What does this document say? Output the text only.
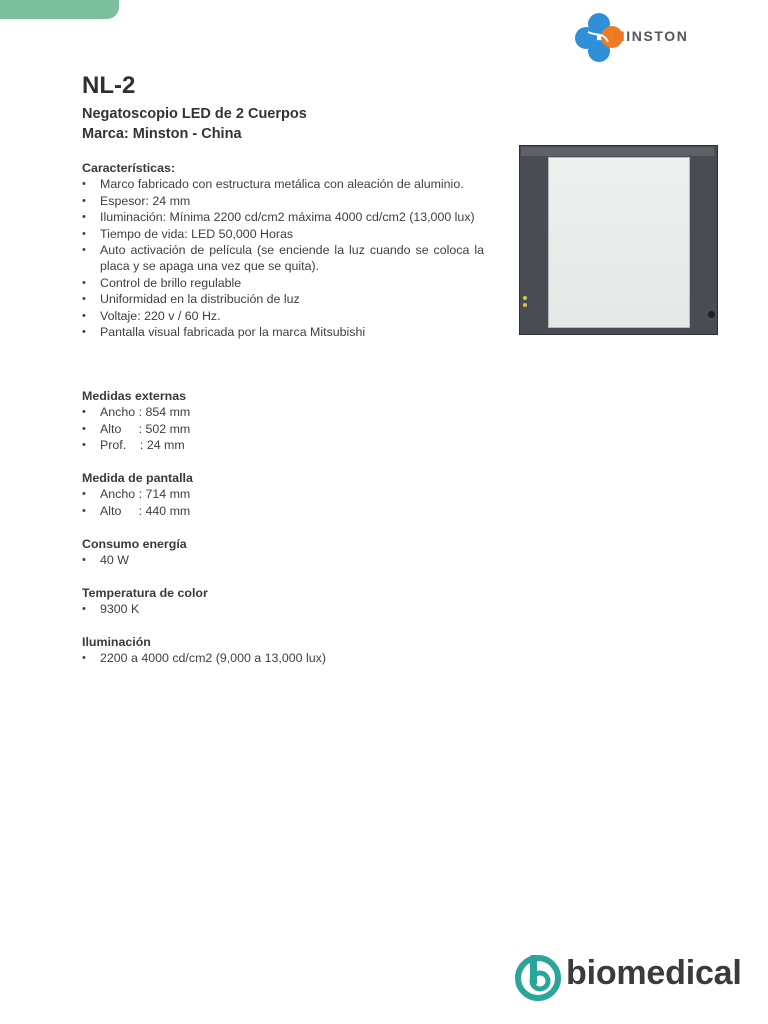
MINSTON
NL-2
Negatoscopio LED de 2 Cuerpos
Marca: Minston - China
Características:
• Marco fabricado con estructura metálica con aleación de aluminio.
• Espesor: 24 mm
• Iluminación: Mínima 2200 cd/cm2 máxima 4000 cd/cm2 (13,000 lux)
• Tiempo de vida: LED 50,000 Horas
• Auto activación de película (se enciende la luz cuando se coloca la placa y se apaga una vez que se quita).
• Control de brillo regulable
• Uniformidad en la distribución de luz
• Voltaje: 220 v / 60 Hz.
• Pantalla visual fabricada por la marca Mitsubishi
Medidas externas
• Ancho : 854 mm
• Alto     : 502 mm
• Prof.    : 24 mm
Medida de pantalla
• Ancho : 714 mm
• Alto     : 440 mm
Consumo energía
• 40 W
Temperatura de color
• 9300 K
Iluminación
• 2200 a 4000 cd/cm2 (9,000 a 13,000 lux)
biomedical
